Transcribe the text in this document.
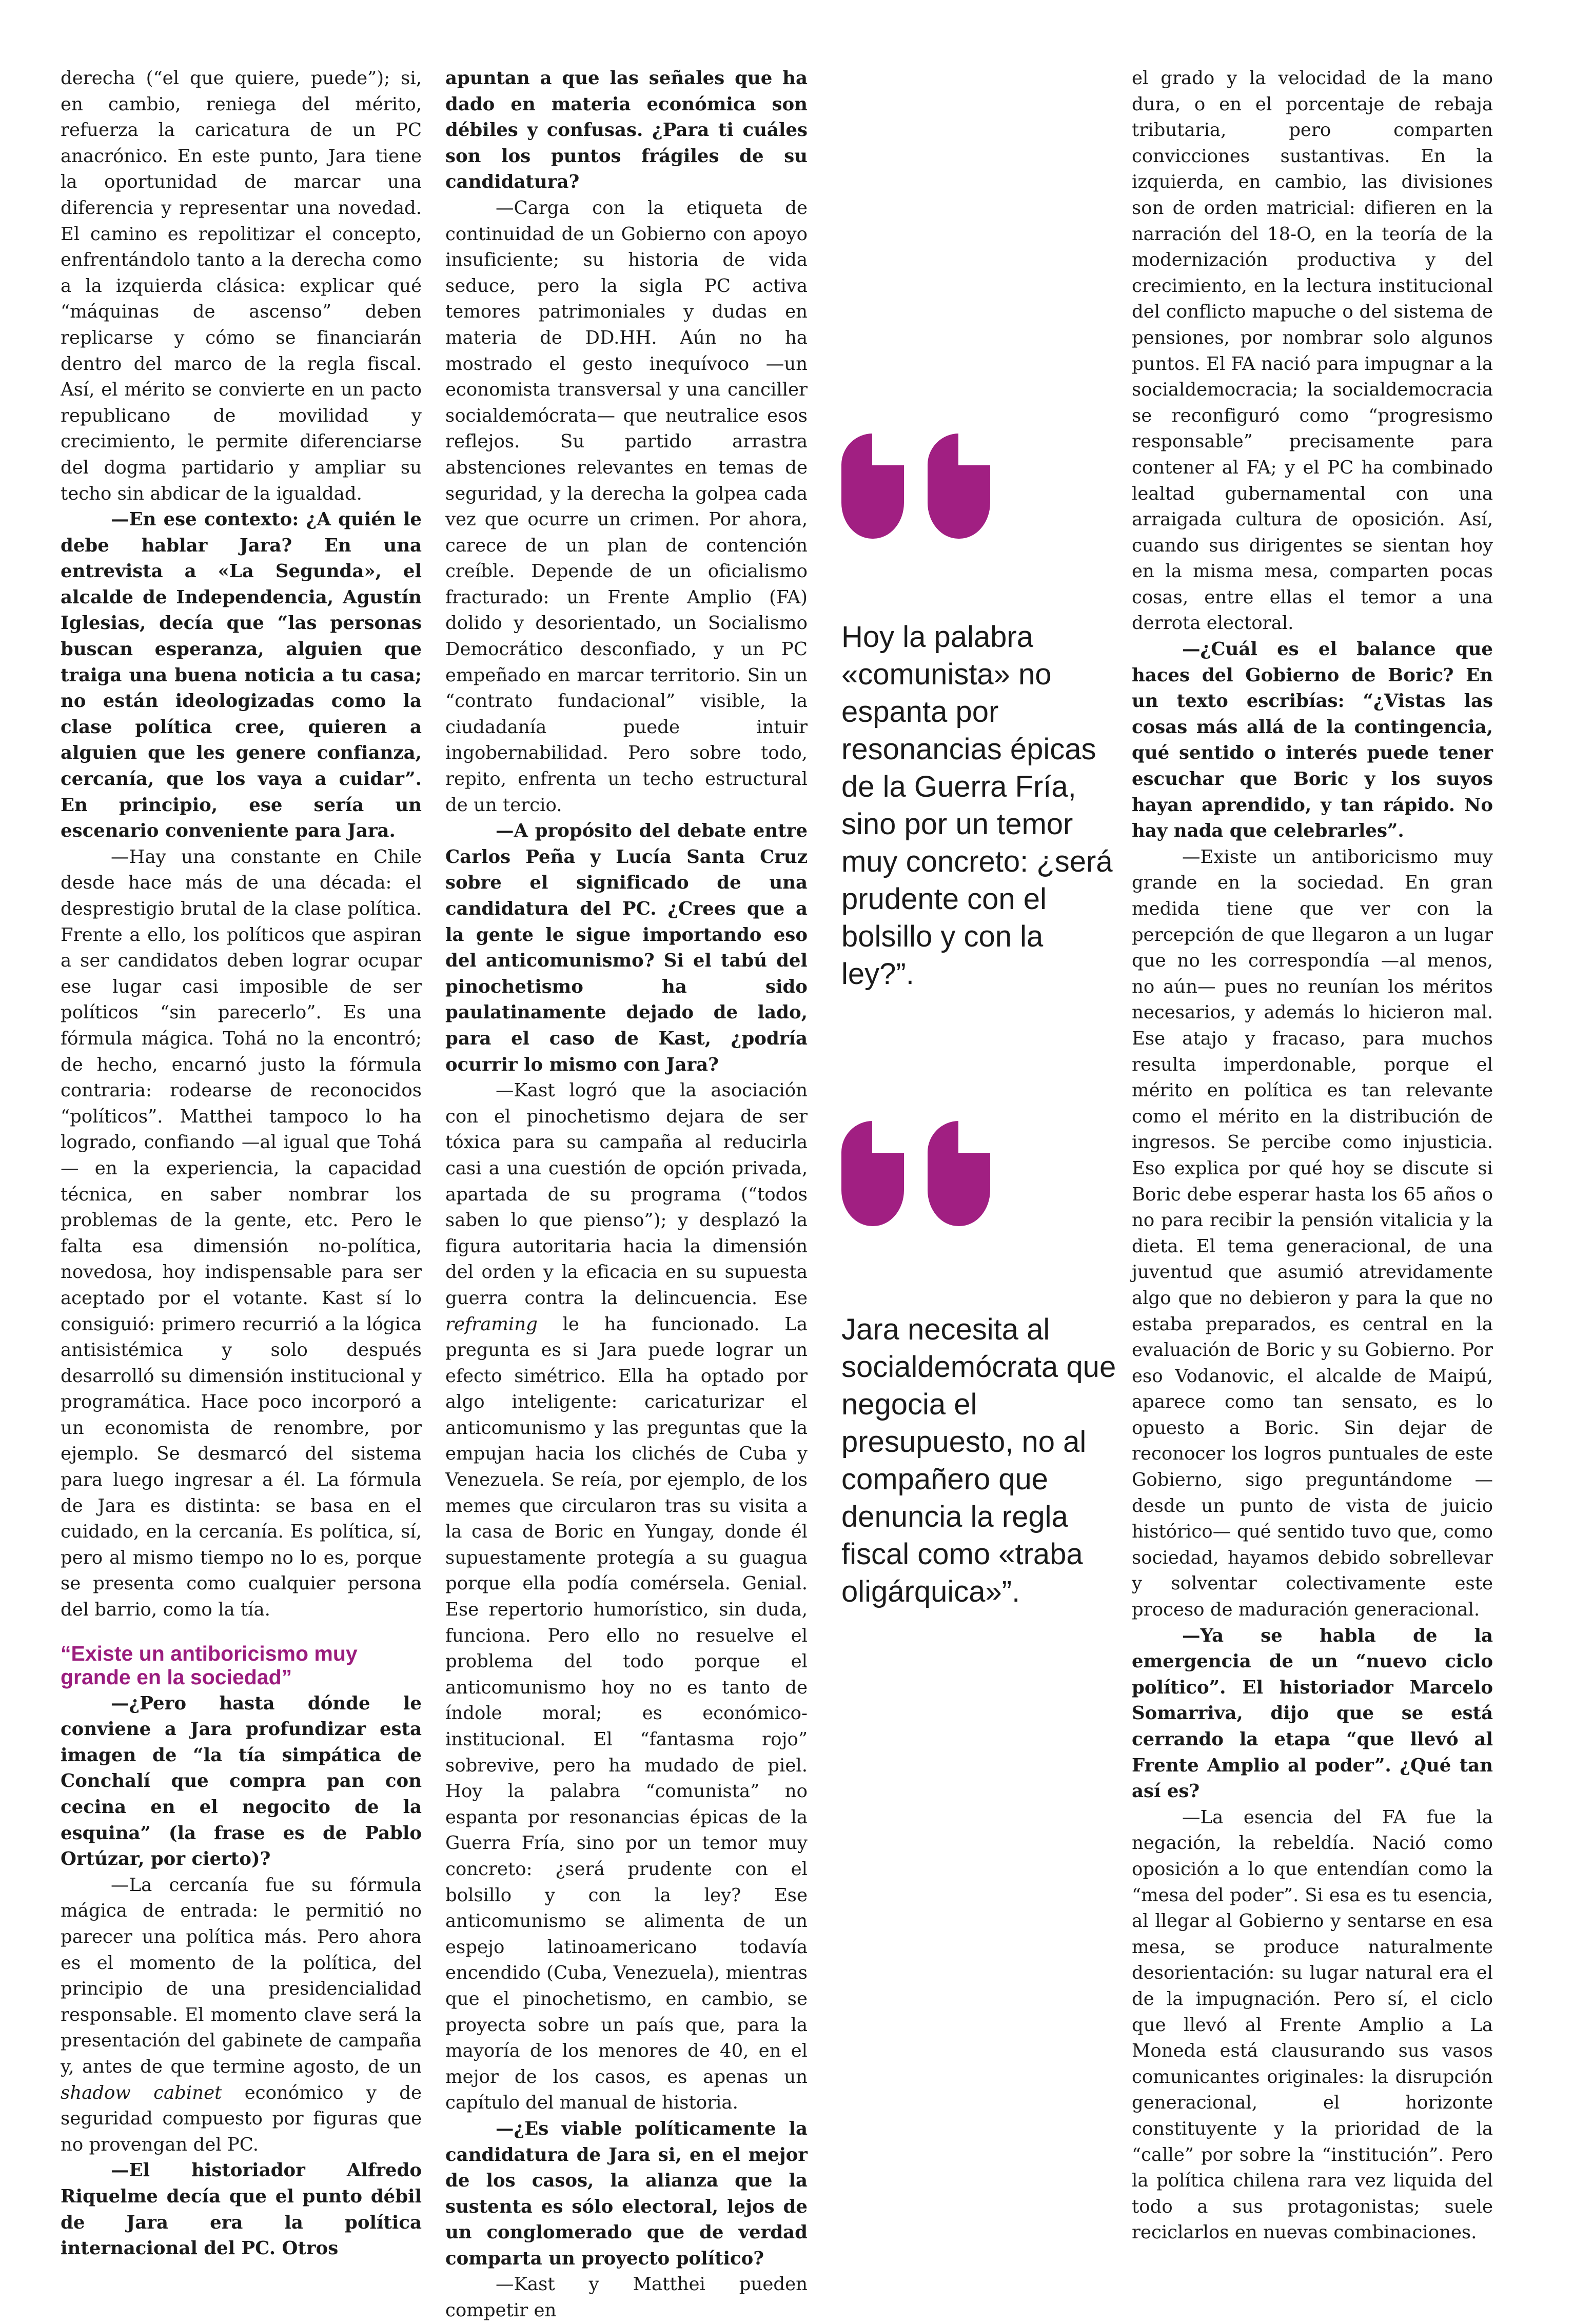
derecha (“el que quiere, puede”); si, en cambio, reniega del mérito, refuerza la caricatura de un PC anacrónico. En este punto, Jara tiene la oportunidad de marcar una diferencia y representar una novedad. El camino es repolitizar el concepto, enfrentándolo tanto a la derecha como a la izquierda clásica: explicar qué “máquinas de ascenso” deben replicarse y cómo se financiarán dentro del marco de la regla fiscal. Así, el mérito se convierte en un pacto republicano de movilidad y crecimiento, le permite diferenciarse del dogma partidario y ampliar su techo sin abdicar de la igualdad.

—En ese contexto: ¿A quién le debe hablar Jara? En una entrevista a «La Segunda», el alcalde de Independencia, Agustín Iglesias, decía que “las personas buscan esperanza, alguien que traiga una buena noticia a tu casa; no están ideologizadas como la clase política cree, quieren a alguien que les genere confianza, cercanía, que los vaya a cuidar”. En principio, ese sería un escenario conveniente para Jara.

—Hay una constante en Chile desde hace más de una década: el desprestigio brutal de la clase política. Frente a ello, los políticos que aspiran a ser candidatos deben lograr ocupar ese lugar casi imposible de ser políticos “sin parecerlo”. Es una fórmula mágica. Tohá no la encontró; de hecho, encarnó justo la fórmula contraria: rodearse de reconocidos “políticos”. Matthei tampoco lo ha logrado, confiando —al igual que Tohá— en la experiencia, la capacidad técnica, en saber nombrar los problemas de la gente, etc. Pero le falta esa dimensión no-política, novedosa, hoy indispensable para ser aceptado por el votante. Kast sí lo consiguió: primero recurrió a la lógica antisistémica y solo después desarrolló su dimensión institucional y programática. Hace poco incorporó a un economista de renombre, por ejemplo. Se desmarcó del sistema para luego ingresar a él. La fórmula de Jara es distinta: se basa en el cuidado, en la cercanía. Es política, sí, pero al mismo tiempo no lo es, porque se presenta como cualquier persona del barrio, como la tía.

“Existe un antiboricismo muy grande en la sociedad”

—¿Pero hasta dónde le conviene a Jara profundizar esta imagen de “la tía simpática de Conchalí que compra pan con cecina en el negocito de la esquina” (la frase es de Pablo Ortúzar, por cierto)?

—La cercanía fue su fórmula mágica de entrada: le permitió no parecer una política más. Pero ahora es el momento de la política, del principio de una presidencialidad responsable. El momento clave será la presentación del gabinete de campaña y, antes de que termine agosto, de un shadow cabinet económico y de seguridad compuesto por figuras que no provengan del PC.

—El historiador Alfredo Riquelme decía que el punto débil de Jara era la política internacional del PC. Otros

apuntan a que las señales que ha dado en materia económica son débiles y confusas. ¿Para ti cuáles son los puntos frágiles de su candidatura?

—Carga con la etiqueta de continuidad de un Gobierno con apoyo insuficiente; su historia de vida seduce, pero la sigla PC activa temores patrimoniales y dudas en materia de DD.HH. Aún no ha mostrado el gesto inequívoco —un economista transversal y una canciller socialdemócrata— que neutralice esos reflejos. Su partido arrastra abstenciones relevantes en temas de seguridad, y la derecha la golpea cada vez que ocurre un crimen. Por ahora, carece de un plan de contención creíble. Depende de un oficialismo fracturado: un Frente Amplio (FA) dolido y desorientado, un Socialismo Democrático desconfiado, y un PC empeñado en marcar territorio. Sin un “contrato fundacional” visible, la ciudadanía puede intuir ingobernabilidad. Pero sobre todo, repito, enfrenta un techo estructural de un tercio.

—A propósito del debate entre Carlos Peña y Lucía Santa Cruz sobre el significado de una candidatura del PC. ¿Crees que a la gente le sigue importando eso del anticomunismo? Si el tabú del pinochetismo ha sido paulatinamente dejado de lado, para el caso de Kast, ¿podría ocurrir lo mismo con Jara?

—Kast logró que la asociación con el pinochetismo dejara de ser tóxica para su campaña al reducirla casi a una cuestión de opción privada, apartada de su programa (“todos saben lo que pienso”); y desplazó la figura autoritaria hacia la dimensión del orden y la eficacia en su supuesta guerra contra la delincuencia. Ese reframing le ha funcionado. La pregunta es si Jara puede lograr un efecto simétrico. Ella ha optado por algo inteligente: caricaturizar el anticomunismo y las preguntas que la empujan hacia los clichés de Cuba y Venezuela. Se reía, por ejemplo, de los memes que circularon tras su visita a la casa de Boric en Yungay, donde él supuestamente protegía a su guagua porque ella podía comérsela. Genial. Ese repertorio humorístico, sin duda, funciona. Pero ello no resuelve el problema del todo porque el anticomunismo hoy no es tanto de índole moral; es económico-institucional. El “fantasma rojo” sobrevive, pero ha mudado de piel. Hoy la palabra “comunista” no espanta por resonancias épicas de la Guerra Fría, sino por un temor muy concreto: ¿será prudente con el bolsillo y con la ley? Ese anticomunismo se alimenta de un espejo latinoamericano todavía encendido (Cuba, Venezuela), mientras que el pinochetismo, en cambio, se proyecta sobre un país que, para la mayoría de los menores de 40, en el mejor de los casos, es apenas un capítulo del manual de historia.

—¿Es viable políticamente la candidatura de Jara si, en el mejor de los casos, la alianza que la sustenta es sólo electoral, lejos de un conglomerado que de verdad comparta un proyecto político?

—Kast y Matthei pueden competir en

Hoy la palabra «comunista» no espanta por resonancias épicas de la Guerra Fría, sino por un temor muy concreto: ¿será prudente con el bolsillo y con la ley?”.
Jara necesita al socialdemócrata que negocia el presupuesto, no al compañero que denuncia la regla fiscal como «traba oligárquica»”.

el grado y la velocidad de la mano dura, o en el porcentaje de rebaja tributaria, pero comparten convicciones sustantivas. En la izquierda, en cambio, las divisiones son de orden matricial: difieren en la narración del 18-O, en la teoría de la modernización productiva y del crecimiento, en la lectura institucional del conflicto mapuche o del sistema de pensiones, por nombrar solo algunos puntos. El FA nació para impugnar a la socialdemocracia; la socialdemocracia se reconfiguró como “progresismo responsable” precisamente para contener al FA; y el PC ha combinado lealtad gubernamental con una arraigada cultura de oposición. Así, cuando sus dirigentes se sientan hoy en la misma mesa, comparten pocas cosas, entre ellas el temor a una derrota electoral.

—¿Cuál es el balance que haces del Gobierno de Boric? En un texto escribías: “¿Vistas las cosas más allá de la contingencia, qué sentido o interés puede tener escuchar que Boric y los suyos hayan aprendido, y tan rápido. No hay nada que celebrarles”.

—Existe un antiboricismo muy grande en la sociedad. En gran medida tiene que ver con la percepción de que llegaron a un lugar que no les correspondía —al menos, no aún— pues no reunían los méritos necesarios, y además lo hicieron mal. Ese atajo y fracaso, para muchos resulta imperdonable, porque el mérito en política es tan relevante como el mérito en la distribución de ingresos. Se percibe como injusticia. Eso explica por qué hoy se discute si Boric debe esperar hasta los 65 años o no para recibir la pensión vitalicia y la dieta. El tema generacional, de una juventud que asumió atrevidamente algo que no debieron y para la que no estaba preparados, es central en la evaluación de Boric y su Gobierno. Por eso Vodanovic, el alcalde de Maipú, aparece como tan sensato, es lo opuesto a Boric. Sin dejar de reconocer los logros puntuales de este Gobierno, sigo preguntándome —desde un punto de vista de juicio histórico— qué sentido tuvo que, como sociedad, hayamos debido sobrellevar y solventar colectivamente este proceso de maduración generacional.

—Ya se habla de la emergencia de un “nuevo ciclo político”. El historiador Marcelo Somarriva, dijo que se está cerrando la etapa “que llevó al Frente Amplio al poder”. ¿Qué tan así es?

—La esencia del FA fue la negación, la rebeldía. Nació como oposición a lo que entendían como la “mesa del poder”. Si esa es tu esencia, al llegar al Gobierno y sentarse en esa mesa, se produce naturalmente desorientación: su lugar natural era el de la impugnación. Pero sí, el ciclo que llevó al Frente Amplio a La Moneda está clausurando sus vasos comunicantes originales: la disrupción generacional, el horizonte constituyente y la prioridad de la “calle” por sobre la “institución”. Pero la política chilena rara vez liquida del todo a sus protagonistas; suele reciclarlos en nuevas combinaciones.
